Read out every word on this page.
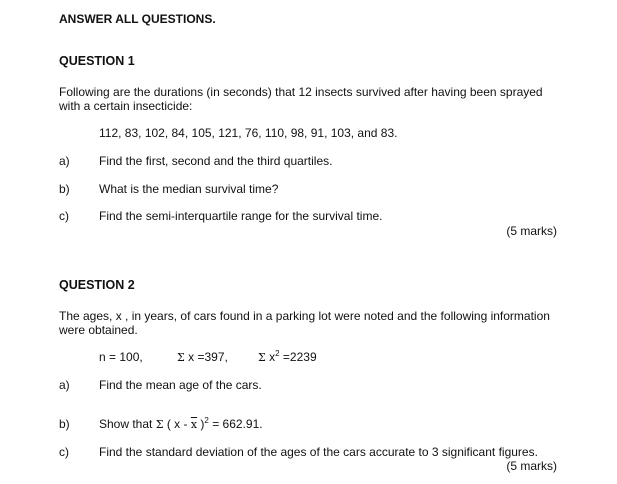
ANSWER ALL QUESTIONS.
QUESTION 1
Following are the durations (in seconds) that 12 insects survived after having been sprayed with a certain insecticide:
112, 83, 102, 84, 105, 121, 76, 110, 98, 91, 103, and 83.
a) Find the first, second and the third quartiles.
b) What is the median survival time?
c)	Find the semi-interquartile range for the survival time.
(5 marks)
QUESTION 2
The ages, x , in years, of cars found in a parking lot were noted and the following information were obtained.
n = 100,	Σ x =397,	Σ $x^2 =2239$
a) Find the mean age of the cars.
b) Show that Σ ( x - $\overline{x}$ )$^2$ = 662.91.
c)	Find the standard deviation of the ages of the cars accurate to 3 significant figures.
(5 marks)
